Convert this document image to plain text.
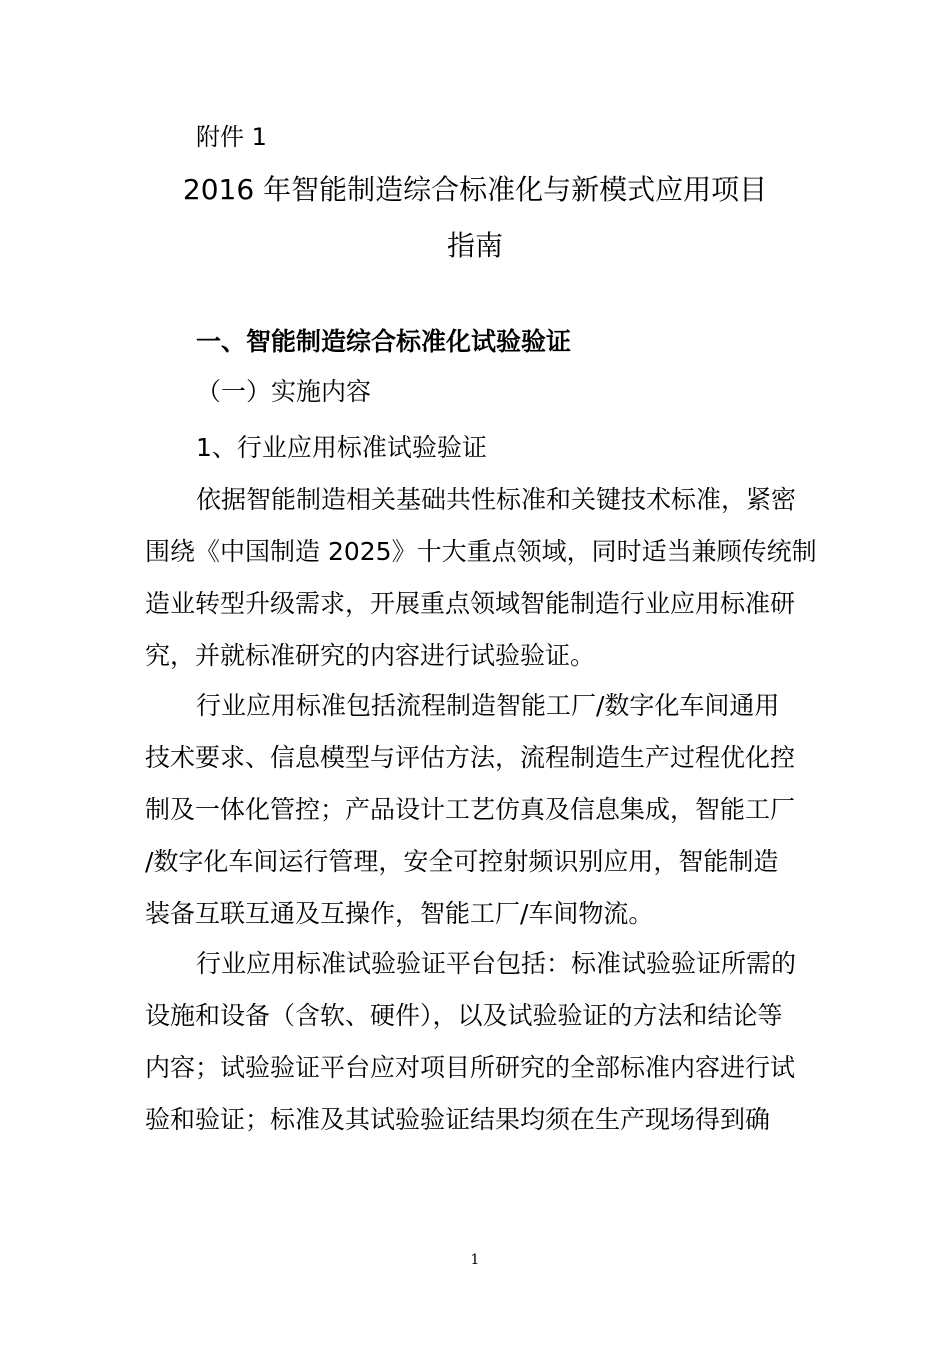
附件 1
2016 年智能制造综合标准化与新模式应用项目
指南
一、智能制造综合标准化试验验证
（一）实施内容
1、行业应用标准试验验证
依据智能制造相关基础共性标准和关键技术标准，紧密
围绕《中国制造 2025》十大重点领域，同时适当兼顾传统制
造业转型升级需求，开展重点领域智能制造行业应用标准研
究，并就标准研究的内容进行试验验证。
行业应用标准包括流程制造智能工厂/数字化车间通用
技术要求、信息模型与评估方法，流程制造生产过程优化控
制及一体化管控；产品设计工艺仿真及信息集成，智能工厂
/数字化车间运行管理，安全可控射频识别应用，智能制造
装备互联互通及互操作，智能工厂/车间物流。
行业应用标准试验验证平台包括：标准试验验证所需的
设施和设备（含软、硬件），以及试验验证的方法和结论等
内容；试验验证平台应对项目所研究的全部标准内容进行试
验和验证；标准及其试验验证结果均须在生产现场得到确
1
